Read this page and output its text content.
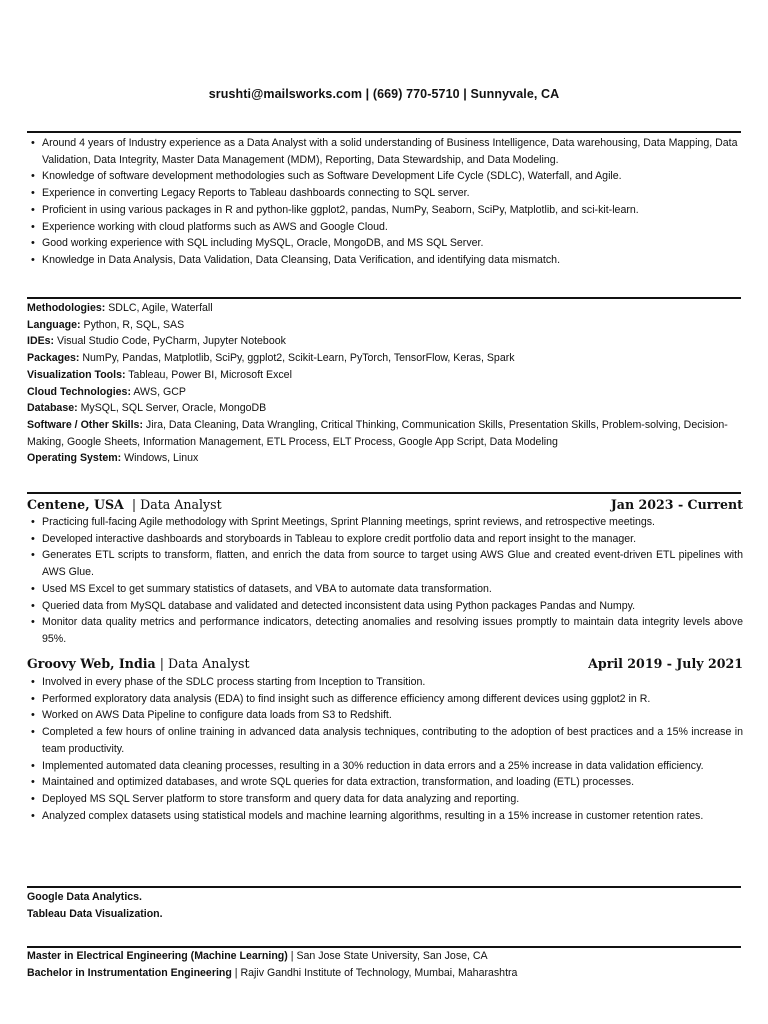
srushti@mailsworks.com | (669) 770-5710 | Sunnyvale, CA
• Around 4 years of Industry experience as a Data Analyst with a solid understanding of Business Intelligence, Data warehousing, Data Mapping, Data Validation, Data Integrity, Master Data Management (MDM), Reporting, Data Stewardship, and Data Modeling.
• Knowledge of software development methodologies such as Software Development Life Cycle (SDLC), Waterfall, and Agile.
• Experience in converting Legacy Reports to Tableau dashboards connecting to SQL server.
• Proficient in using various packages in R and python-like ggplot2, pandas, NumPy, Seaborn, SciPy, Matplotlib, and sci-kit-learn.
• Experience working with cloud platforms such as AWS and Google Cloud.
• Good working experience with SQL including MySQL, Oracle, MongoDB, and MS SQL Server.
• Knowledge in Data Analysis, Data Validation, Data Cleansing, Data Verification, and identifying data mismatch.
Methodologies: SDLC, Agile, Waterfall
Language: Python, R, SQL, SAS
IDEs: Visual Studio Code, PyCharm, Jupyter Notebook
Packages: NumPy, Pandas, Matplotlib, SciPy, ggplot2, Scikit-Learn, PyTorch, TensorFlow, Keras, Spark
Visualization Tools: Tableau, Power BI, Microsoft Excel
Cloud Technologies: AWS, GCP
Database: MySQL, SQL Server, Oracle, MongoDB
Software / Other Skills: Jira, Data Cleaning, Data Wrangling, Critical Thinking, Communication Skills, Presentation Skills, Problem-solving, Decision-Making, Google Sheets, Information Management, ETL Process, ELT Process, Google App Script, Data Modeling
Operating System: Windows, Linux
Centene, USA | Data Analyst	Jan 2023 - Current
• Practicing full-facing Agile methodology with Sprint Meetings, Sprint Planning meetings, sprint reviews, and retrospective meetings.
• Developed interactive dashboards and storyboards in Tableau to explore credit portfolio data and report insight to the manager.
• Generates ETL scripts to transform, flatten, and enrich the data from source to target using AWS Glue and created event-driven ETL pipelines with AWS Glue.
• Used MS Excel to get summary statistics of datasets, and VBA to automate data transformation.
• Queried data from MySQL database and validated and detected inconsistent data using Python packages Pandas and Numpy.
• Monitor data quality metrics and performance indicators, detecting anomalies and resolving issues promptly to maintain data integrity levels above 95%.
Groovy Web, India | Data Analyst	April 2019 - July 2021
• Involved in every phase of the SDLC process starting from Inception to Transition.
• Performed exploratory data analysis (EDA) to find insight such as difference efficiency among different devices using ggplot2 in R.
• Worked on AWS Data Pipeline to configure data loads from S3 to Redshift.
• Completed a few hours of online training in advanced data analysis techniques, contributing to the adoption of best practices and a 15% increase in team productivity.
• Implemented automated data cleaning processes, resulting in a 30% reduction in data errors and a 25% increase in data validation efficiency.
• Maintained and optimized databases, and wrote SQL queries for data extraction, transformation, and loading (ETL) processes.
• Deployed MS SQL Server platform to store transform and query data for data analyzing and reporting.
• Analyzed complex datasets using statistical models and machine learning algorithms, resulting in a 15% increase in customer retention rates.
Google Data Analytics.
Tableau Data Visualization.
Master in Electrical Engineering (Machine Learning) | San Jose State University, San Jose, CA
Bachelor in Instrumentation Engineering | Rajiv Gandhi Institute of Technology, Mumbai, Maharashtra
